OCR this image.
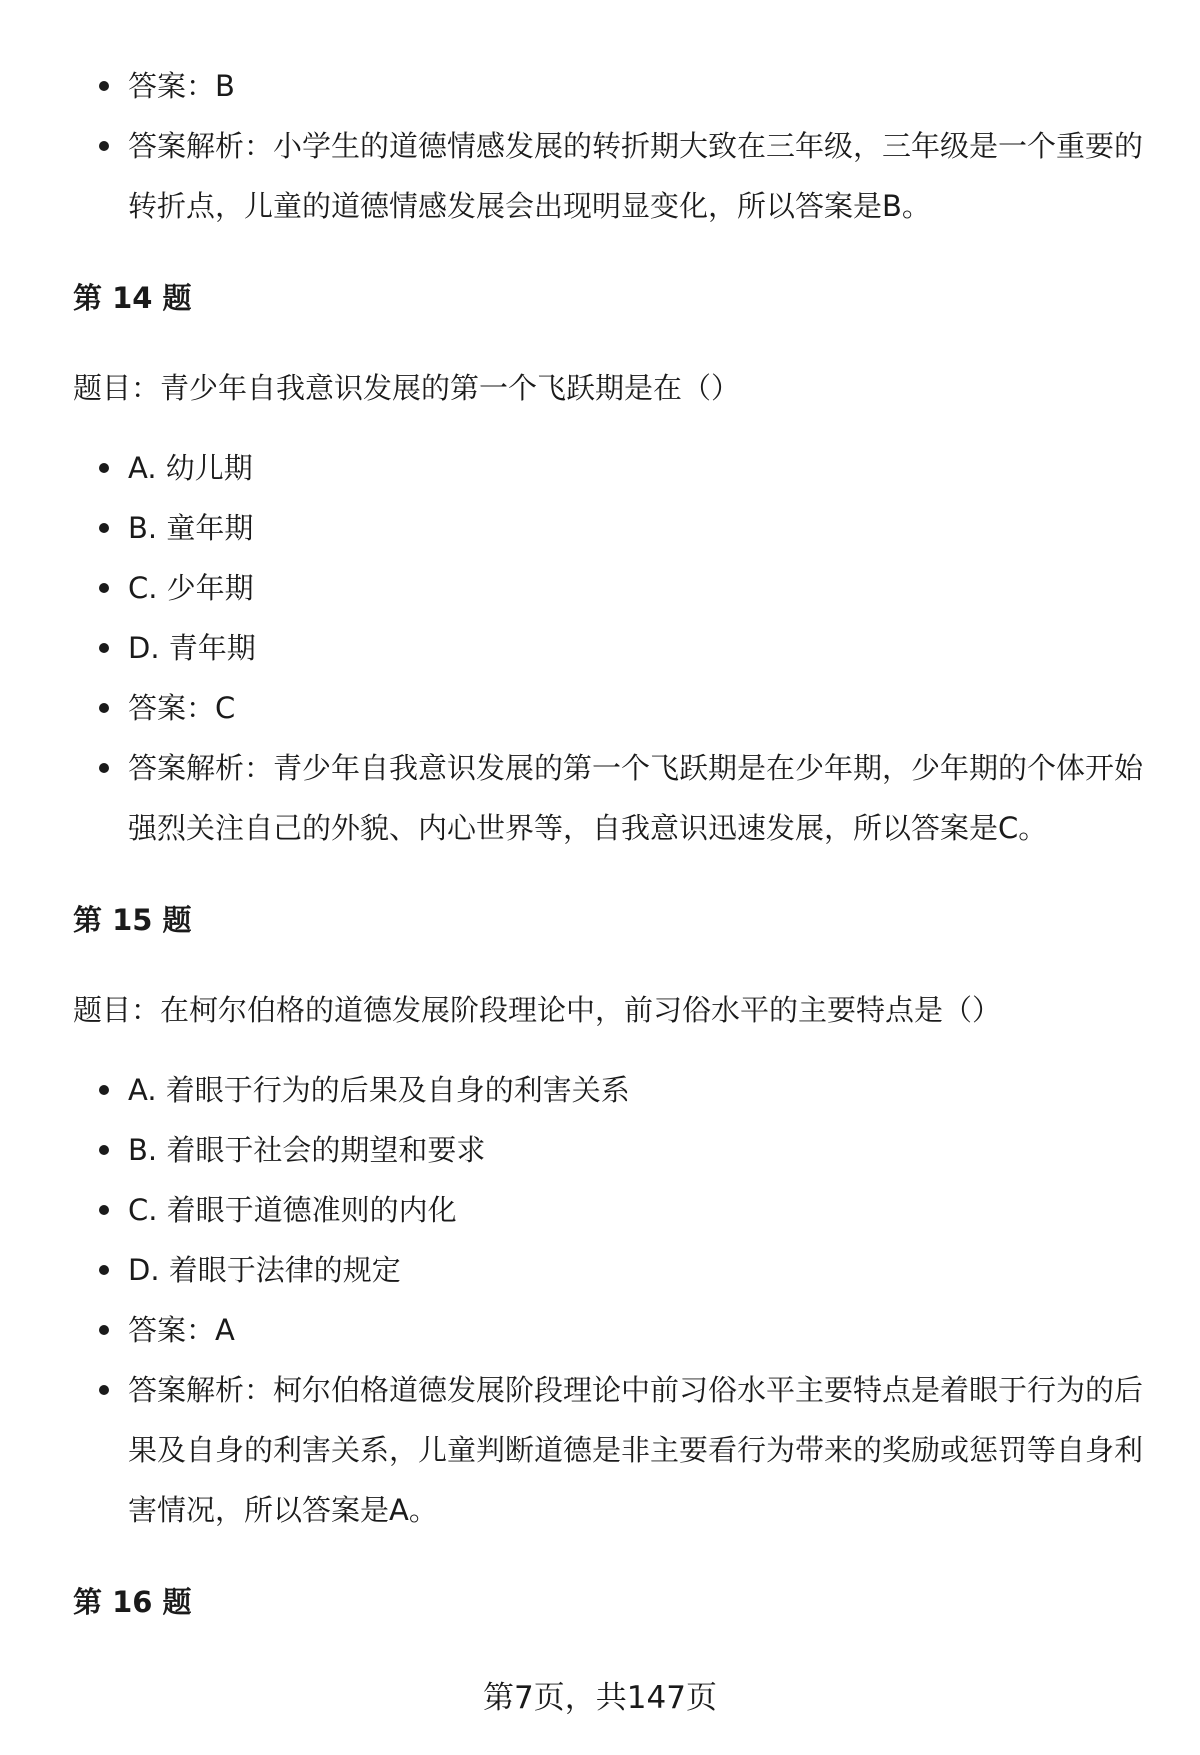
答案：B
答案解析：小学生的道德情感发展的转折期大致在三年级，三年级是一个重要的转折点，儿童的道德情感发展会出现明显变化，所以答案是B。
第 14 题
题目：青少年自我意识发展的第一个飞跃期是在（）
A. 幼儿期
B. 童年期
C. 少年期
D. 青年期
答案：C
答案解析：青少年自我意识发展的第一个飞跃期是在少年期，少年期的个体开始强烈关注自己的外貌、内心世界等，自我意识迅速发展，所以答案是C。
第 15 题
题目：在柯尔伯格的道德发展阶段理论中，前习俗水平的主要特点是（）
A. 着眼于行为的后果及自身的利害关系
B. 着眼于社会的期望和要求
C. 着眼于道德准则的内化
D. 着眼于法律的规定
答案：A
答案解析：柯尔伯格道德发展阶段理论中前习俗水平主要特点是着眼于行为的后果及自身的利害关系，儿童判断道德是非主要看行为带来的奖励或惩罚等自身利害情况，所以答案是A。
第 16 题
第7页，共147页
